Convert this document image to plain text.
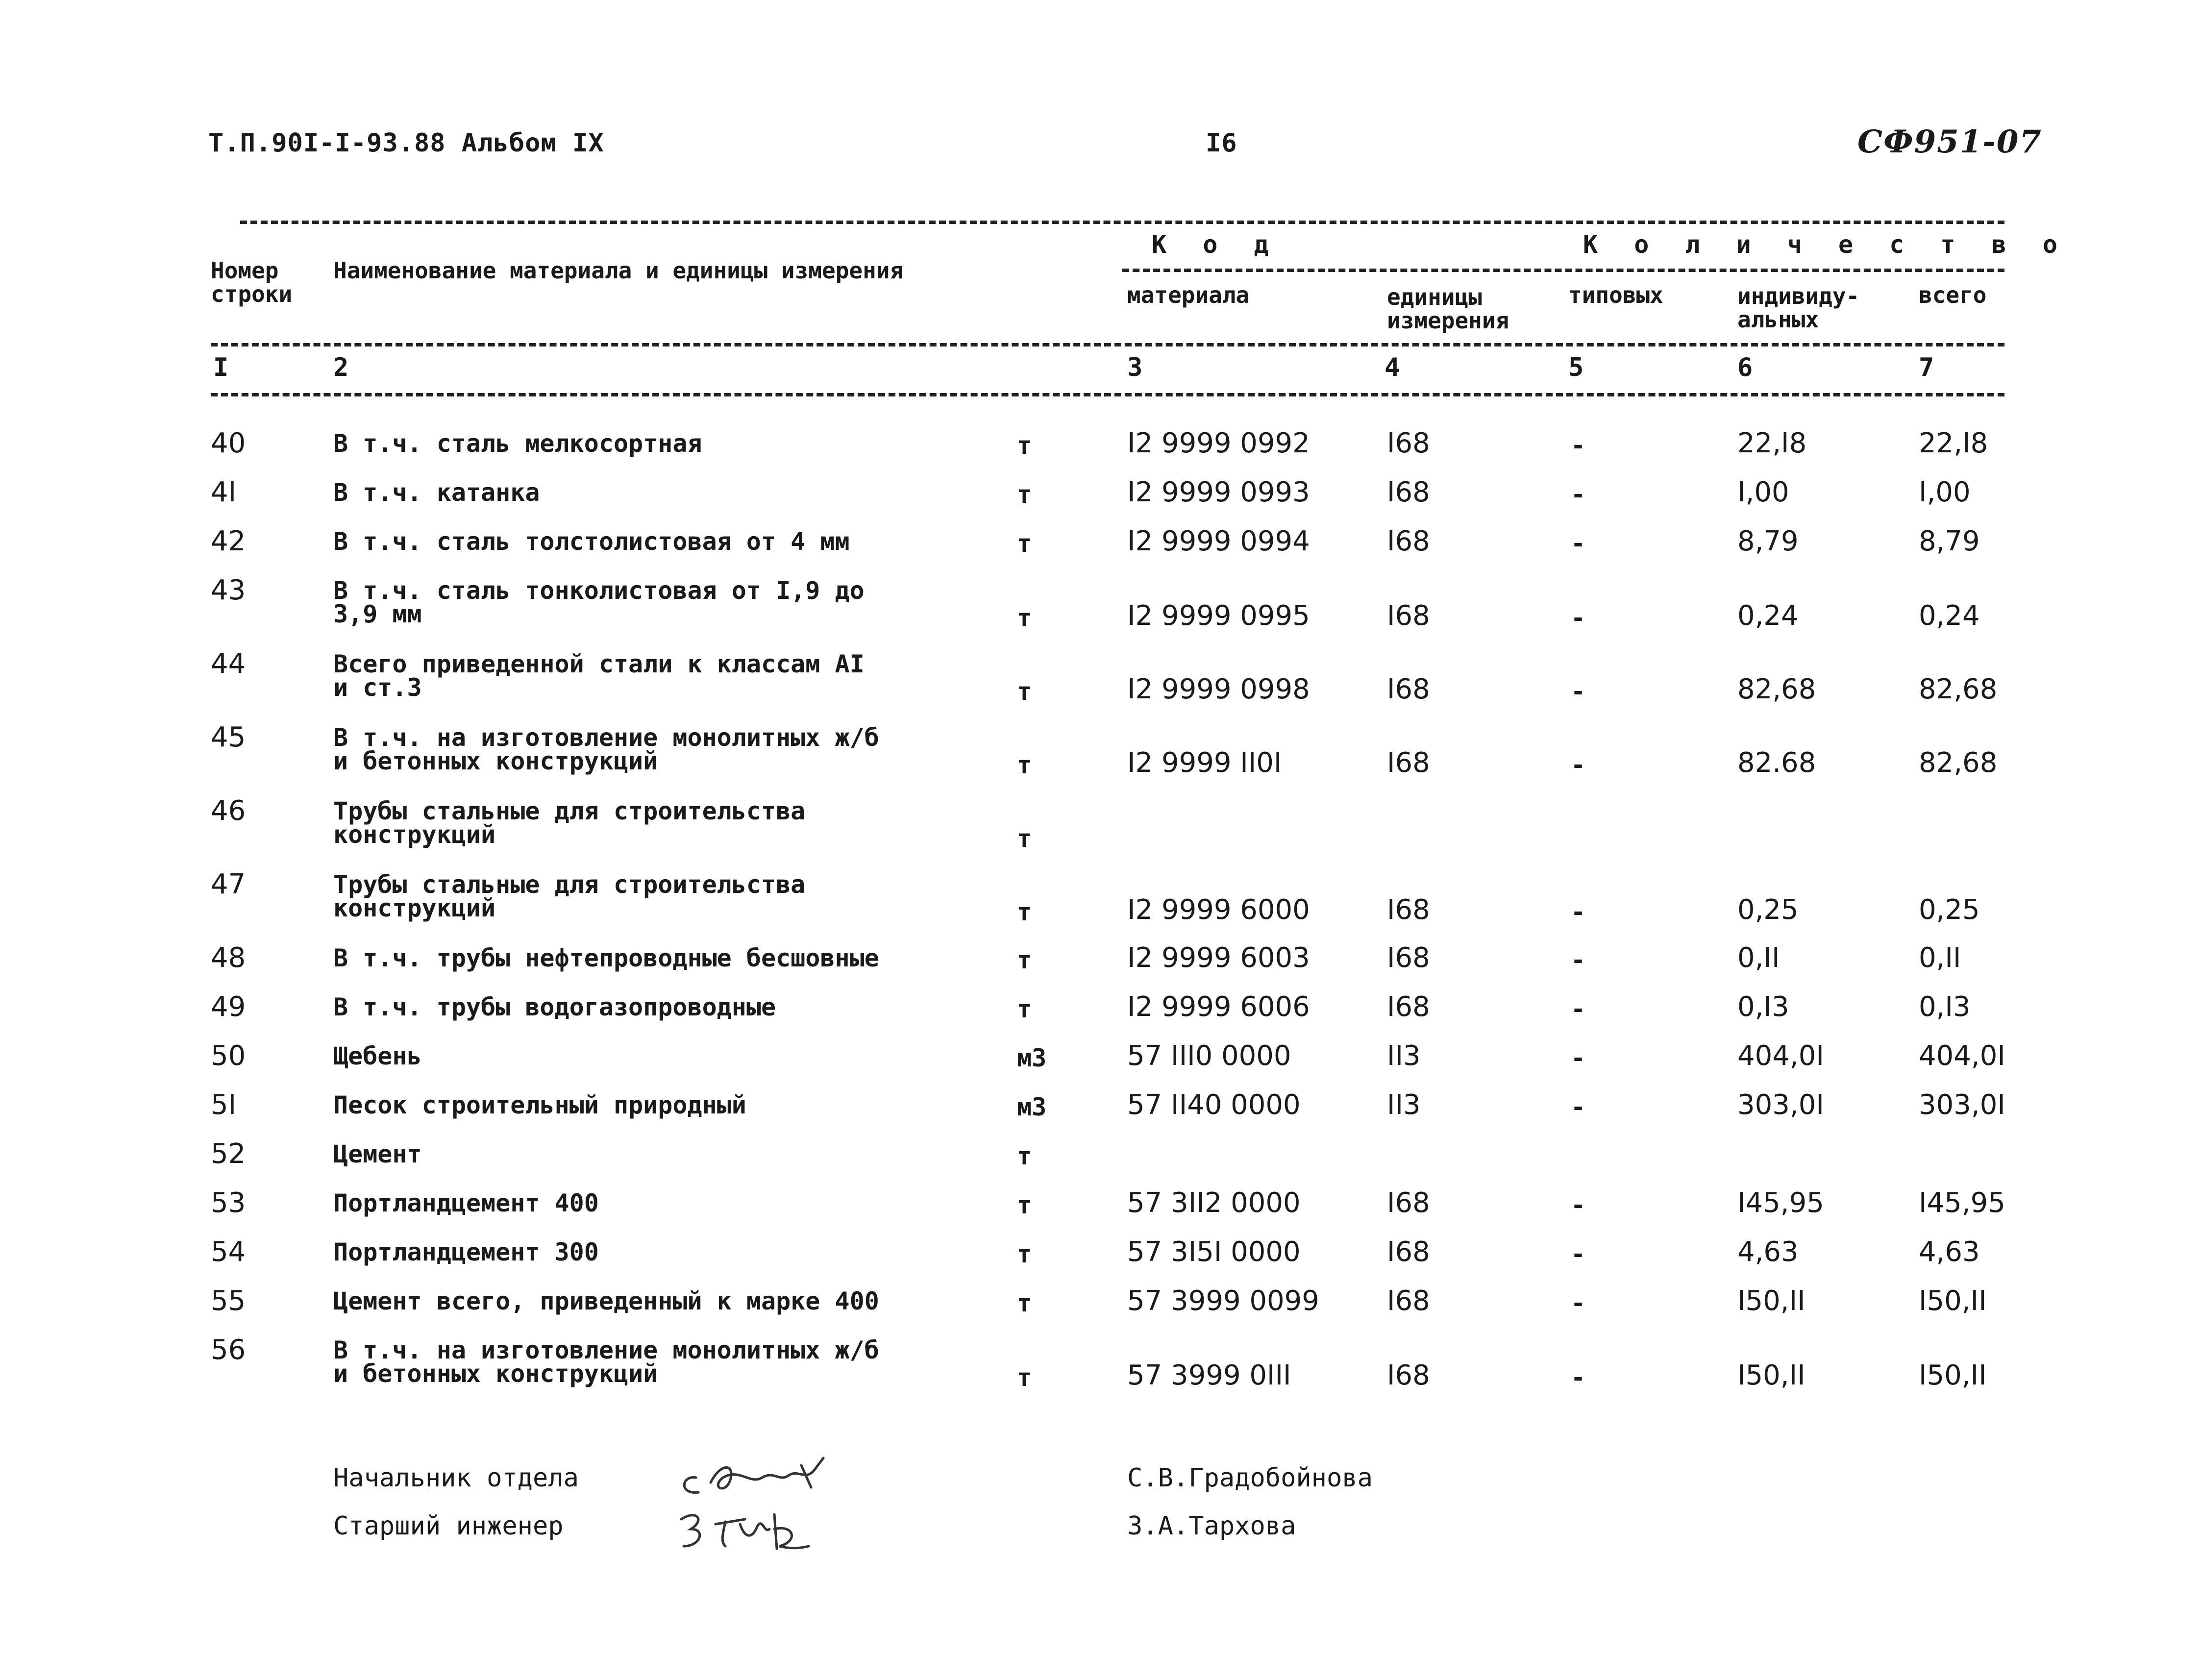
Т.П.90I-I-93.88 Альбом IX	I6	СФ951-07
Номер
строки
Наименование материала и единицы измерения
К о д	К о л и ч е с т в о
материала	единицы
измерения
типовых	индивиду-
альных
всего
I	2	3	4	5	6	7
40	В т.ч. сталь мелкосортная	т	I2 9999 0992	I68	-	22,I8	22,I8
4I	В т.ч. катанка	т	I2 9999 0993	I68	-	I,00	I,00
42	В т.ч. сталь толстолистовая от 4 мм	т	I2 9999 0994	I68	-	8,79	8,79
43	В т.ч. сталь тонколистовая от I,9 до
3,9 мм	т	I2 9999 0995	I68	-	0,24	0,24
44	Всего приведенной стали к классам AI
и ст.3	т	I2 9999 0998	I68	-	82,68	82,68
45	В т.ч. на изготовление монолитных ж/б
и бетонных конструкций	т	I2 9999 II0I	I68	-	82.68	82,68
46	Трубы стальные для строительства
конструкций	т
47	Трубы стальные для строительства
конструкций	т	I2 9999 6000	I68	-	0,25	0,25
48	В т.ч. трубы нефтепроводные бесшовные	т	I2 9999 6003	I68	-	0,II	0,II
49	В т.ч. трубы водогазопроводные	т	I2 9999 6006	I68	-	0,I3	0,I3
50	Щебень	м3	57 III0 0000	II3	-	404,0I	404,0I
5I	Песок строительный природный	м3	57 II40 0000	II3	-	303,0I	303,0I
52	Цемент	т
53	Портландцемент 400	т	57 3II2 0000	I68	-	I45,95	I45,95
54	Портландцемент 300	т	57 3I5I 0000	I68	-	4,63	4,63
55	Цемент всего, приведенный к марке 400	т	57 3999 0099 I68	-	I50,II	I50,II
56	В т.ч. на изготовление монолитных ж/б
и бетонных конструкций	т	57 3999 0III	I68	-	I50,II	I50,II
Начальник отдела	С.В.Градобойнова
Старший инженер	З.А.Тархова
